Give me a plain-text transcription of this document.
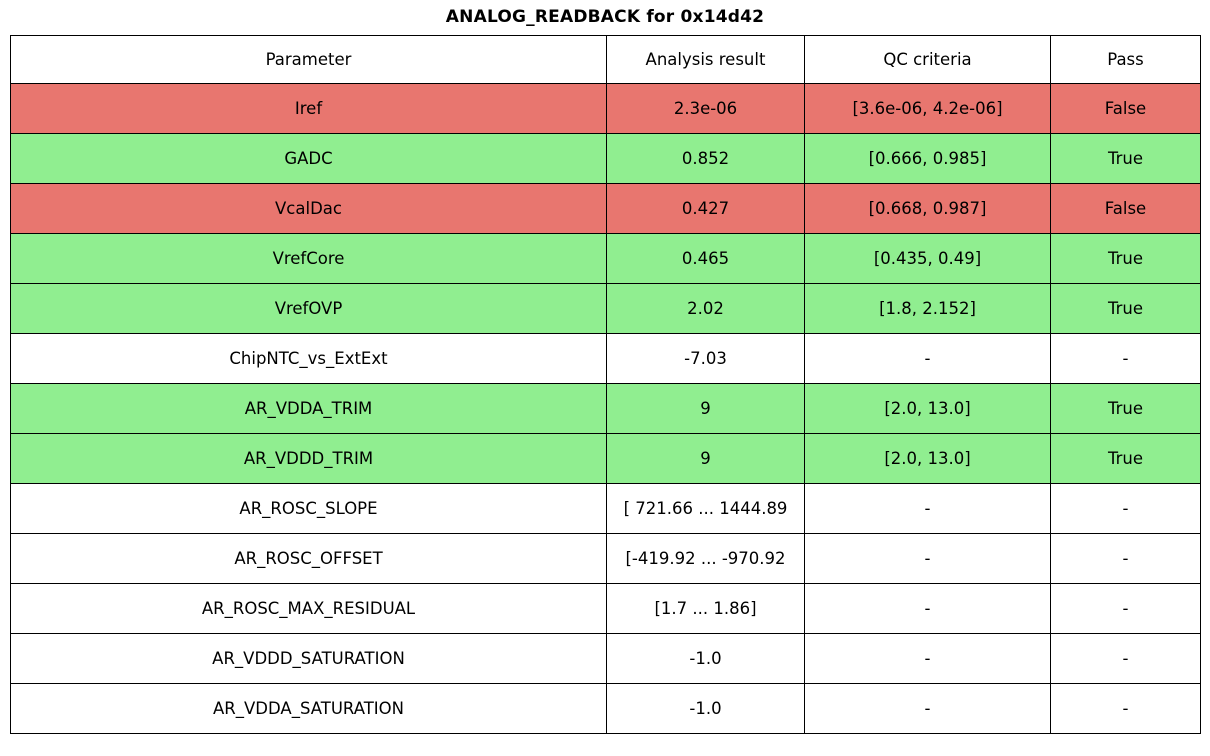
ANALOG_READBACK for 0x14d42
Parameter	Analysis result	QC criteria	Pass
Iref	2.3e-06	[3.6e-06, 4.2e-06]	False
GADC	0.852	[0.666, 0.985]	True
VcalDac	0.427	[0.668, 0.987]	False
VrefCore	0.465	[0.435, 0.49]	True
VrefOVP	2.02	[1.8, 2.152]	True
ChipNTC_vs_ExtExt	-7.03	-	-
AR_VDDA_TRIM	9	[2.0, 13.0]	True
AR_VDDD_TRIM	9	[2.0, 13.0]	True
AR_ROSC_SLOPE	[ 721.66 ... 1444.89	-	-
AR_ROSC_OFFSET	[-419.92 ... -970.92	-	-
AR_ROSC_MAX_RESIDUAL	[1.7 ... 1.86]	-	-
AR_VDDD_SATURATION	-1.0	-	-
AR_VDDA_SATURATION	-1.0	-	-
